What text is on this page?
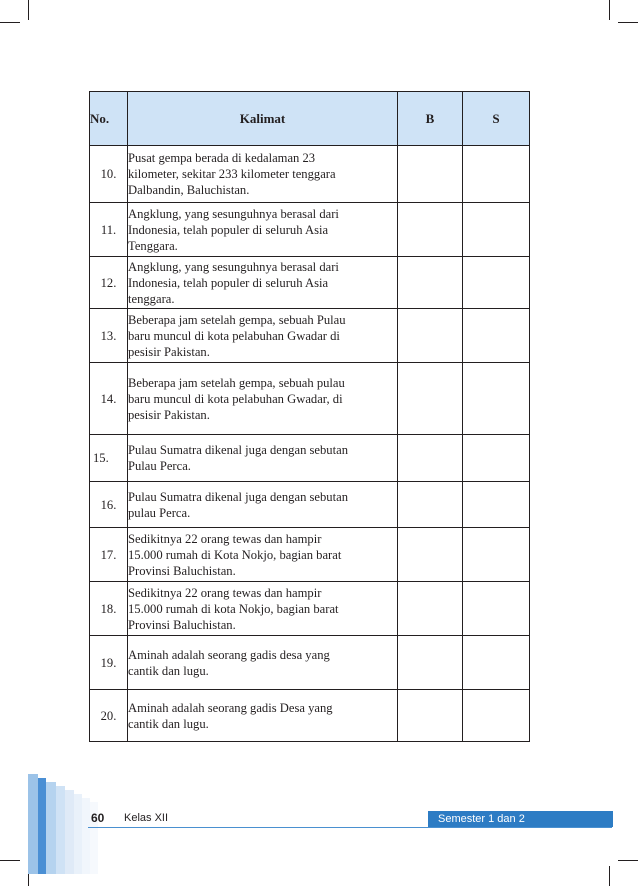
No.	Kalimat	B	S
10.	Pusat gempa berada di kedalaman 23
kilometer, sekitar 233 kilometer tenggara
Dalbandin, Baluchistan.		

11.	Angklung, yang sesunguhnya berasal dari
Indonesia, telah populer di seluruh Asia
Tenggara.		

12.	Angklung, yang sesunguhnya berasal dari
Indonesia, telah populer di seluruh Asia
tenggara.		

13.	Beberapa jam setelah gempa, sebuah Pulau
baru muncul di kota pelabuhan Gwadar di
pesisir Pakistan.		

14.	Beberapa jam setelah gempa, sebuah pulau
baru muncul di kota pelabuhan Gwadar, di
pesisir Pakistan.		

15.	Pulau Sumatra dikenal juga dengan sebutan
Pulau Perca.		

16.	Pulau Sumatra dikenal juga dengan sebutan
pulau Perca.		

17.	Sedikitnya 22 orang tewas dan hampir
15.000 rumah di Kota Nokjo, bagian barat
Provinsi Baluchistan.		

18.	Sedikitnya 22 orang tewas dan hampir
15.000 rumah di kota Nokjo, bagian barat
Provinsi Baluchistan.		

19.	Aminah adalah seorang gadis desa yang
cantik dan lugu.		

20.	Aminah adalah seorang gadis Desa yang
cantik dan lugu.		

60 Kelas XII	Semester 1 dan 2
